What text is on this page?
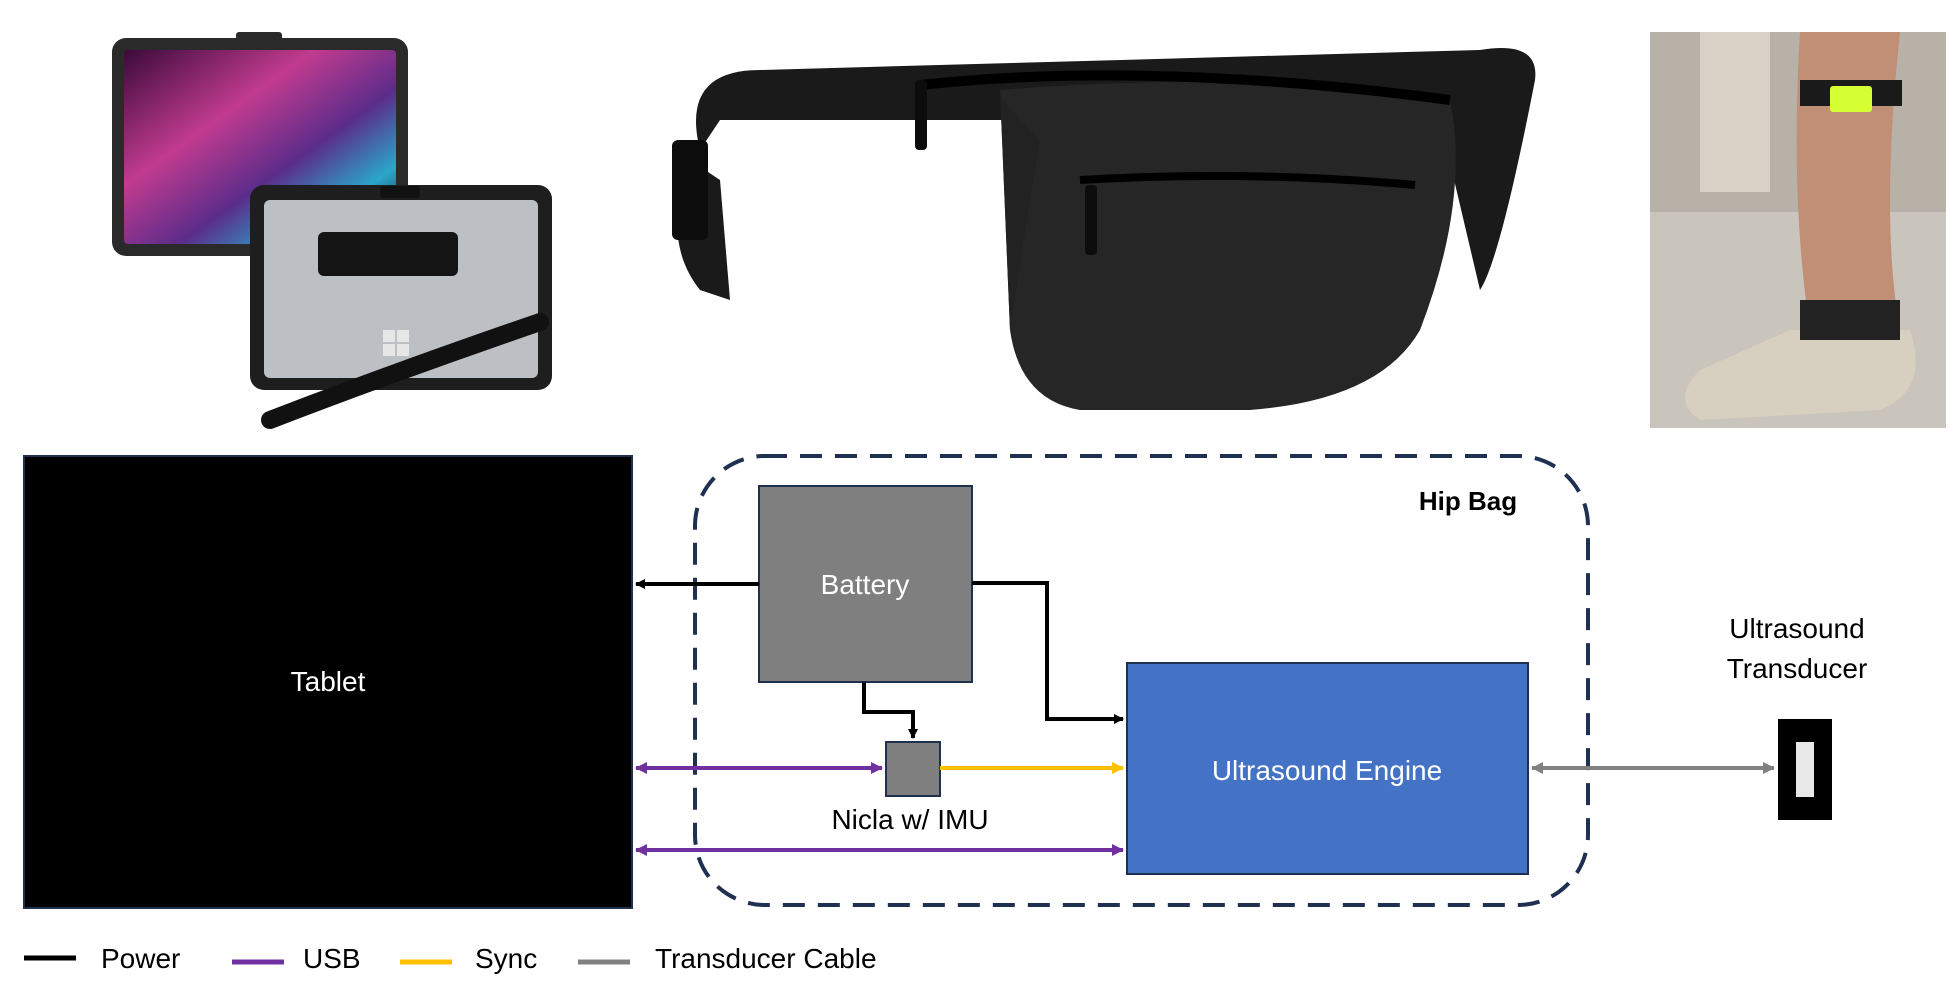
Hip Bag
Tablet
Battery
Nicla w/ IMU
Ultrasound Engine
Ultrasound
Transducer
Power	USB	Sync	Transducer Cable
